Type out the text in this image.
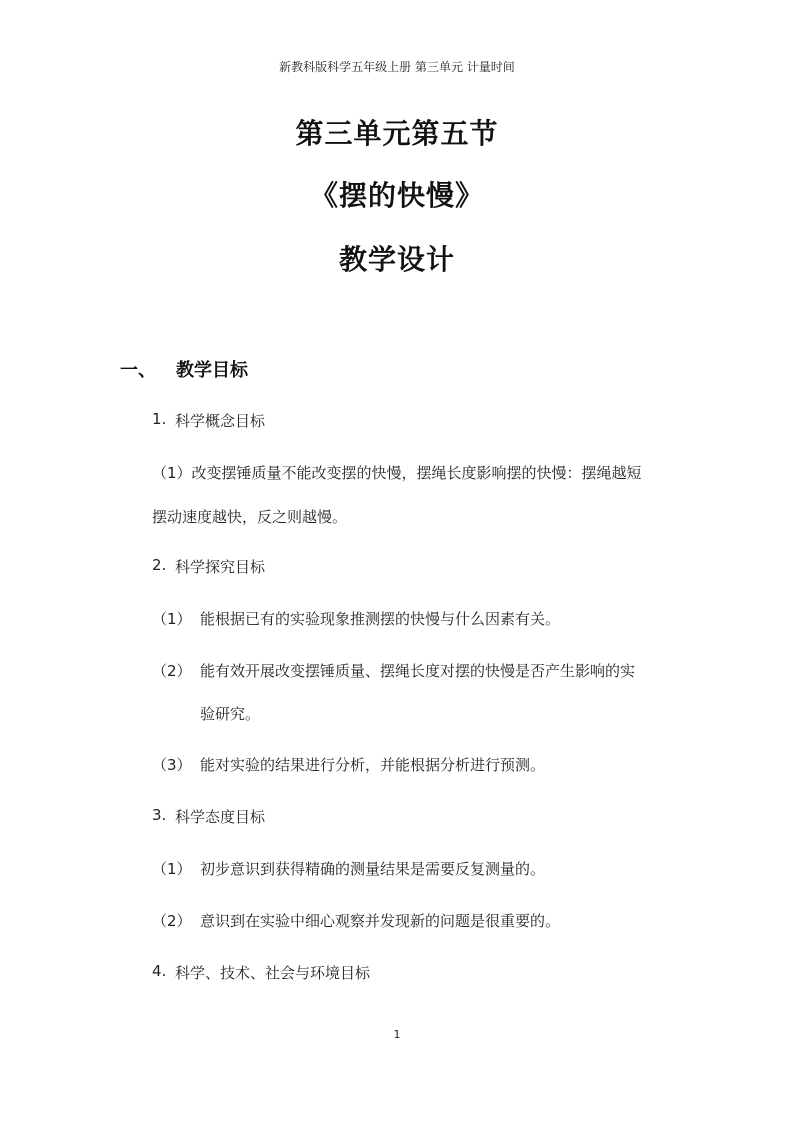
新教科版科学五年级上册 第三单元 计量时间
第三单元第五节
《摆的快慢》
教学设计
一、 教学目标
1. 科学概念目标
（1）改变摆锤质量不能改变摆的快慢，摆绳长度影响摆的快慢：摆绳越短
摆动速度越快，反之则越慢。
2. 科学探究目标
（1） 能根据已有的实验现象推测摆的快慢与什么因素有关。
（2） 能有效开展改变摆锤质量、摆绳长度对摆的快慢是否产生影响的实
验研究。
（3） 能对实验的结果进行分析，并能根据分析进行预测。
3. 科学态度目标
（1） 初步意识到获得精确的测量结果是需要反复测量的。
（2） 意识到在实验中细心观察并发现新的问题是很重要的。
4. 科学、技术、社会与环境目标
1
